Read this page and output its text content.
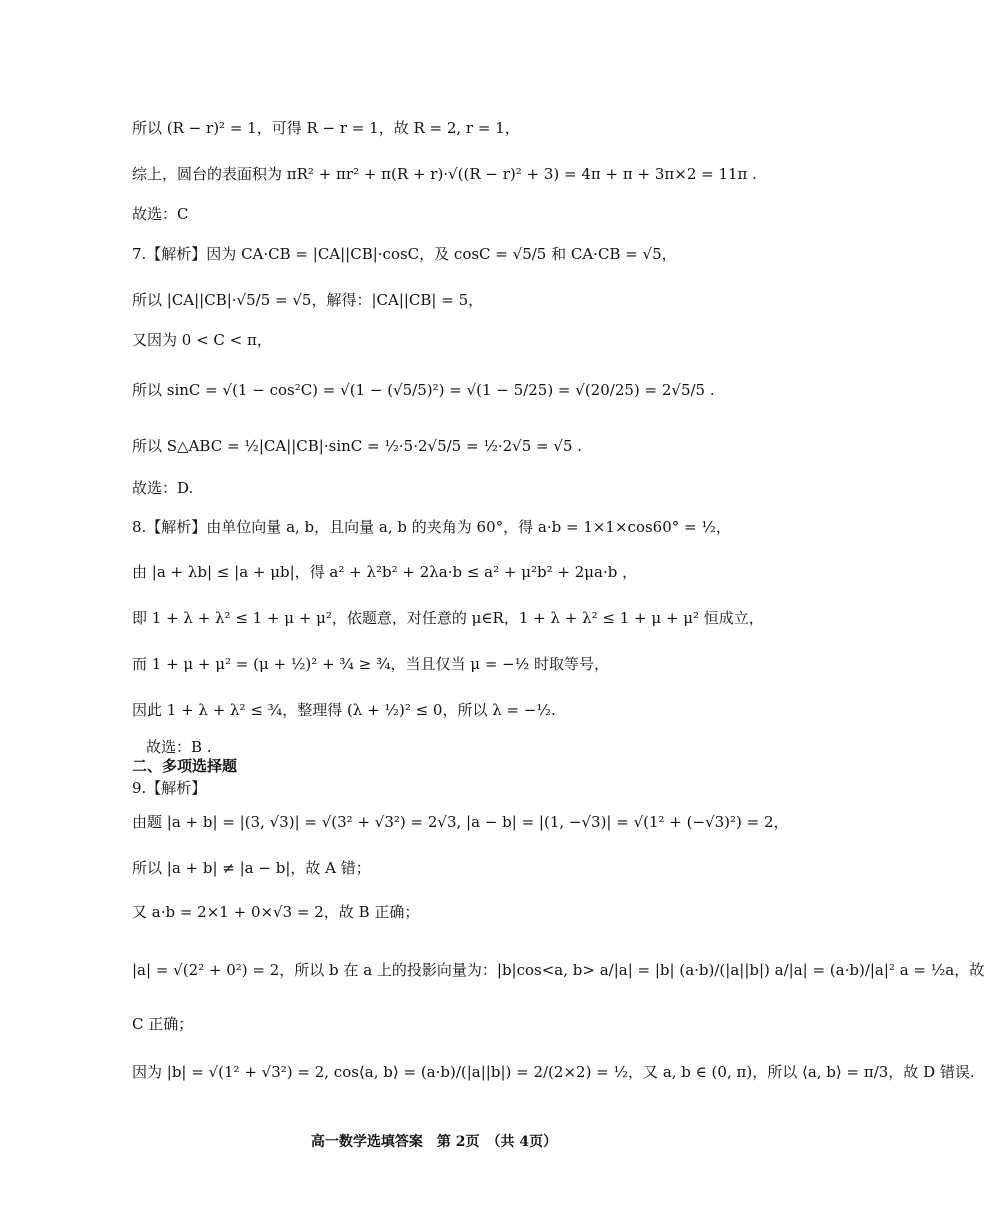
所以 (R − r)² = 1，可得 R − r = 1，故 R = 2, r = 1，
综上，圆台的表面积为 πR² + πr² + π(R + r)·√((R − r)² + 3) = 4π + π + 3π×2 = 11π .
故选：C
7.【解析】因为 CA·CB = |CA||CB|·cosC，及 cosC = √5/5 和 CA·CB = √5，
所以 |CA||CB|·√5/5 = √5，解得：|CA||CB| = 5，
又因为 0 < C < π，
所以 sinC = √(1 − cos²C) = √(1 − (√5/5)²) = √(1 − 5/25) = √(20/25) = 2√5/5 .
所以 S△ABC = ½|CA||CB|·sinC = ½·5·2√5/5 = ½·2√5 = √5 .
故选：D.
8.【解析】由单位向量 a, b，且向量 a, b 的夹角为 60°，得 a·b = 1×1×cos60° = ½，
由 |a + λb| ≤ |a + μb|，得 a² + λ²b² + 2λa·b ≤ a² + μ²b² + 2μa·b ，
即 1 + λ + λ² ≤ 1 + μ + μ²，依题意，对任意的 μ∈R，1 + λ + λ² ≤ 1 + μ + μ² 恒成立，
而 1 + μ + μ² = (μ + ½)² + ¾ ≥ ¾，当且仅当 μ = −½ 时取等号，
因此 1 + λ + λ² ≤ ¾，整理得 (λ + ½)² ≤ 0，所以 λ = −½.
故选：B .
二、多项选择题
9.【解析】
由题 |a + b| = |(3, √3)| = √(3² + √3²) = 2√3, |a − b| = |(1, −√3)| = √(1² + (−√3)²) = 2，
所以 |a + b| ≠ |a − b|，故 A 错；
又 a·b = 2×1 + 0×√3 = 2，故 B 正确；
|a| = √(2² + 0²) = 2，所以 b 在 a 上的投影向量为：|b|cos<a, b> a/|a| = |b| (a·b)/(|a||b|) a/|a| = (a·b)/|a|² a = ½a，故
C 正确；
因为 |b| = √(1² + √3²) = 2, cos⟨a, b⟩ = (a·b)/(|a||b|) = 2/(2×2) = ½，又 a, b ∈ (0, π)，所以 ⟨a, b⟩ = π/3，故 D 错误.
高一数学选填答案　第 2页　（共 4页）
